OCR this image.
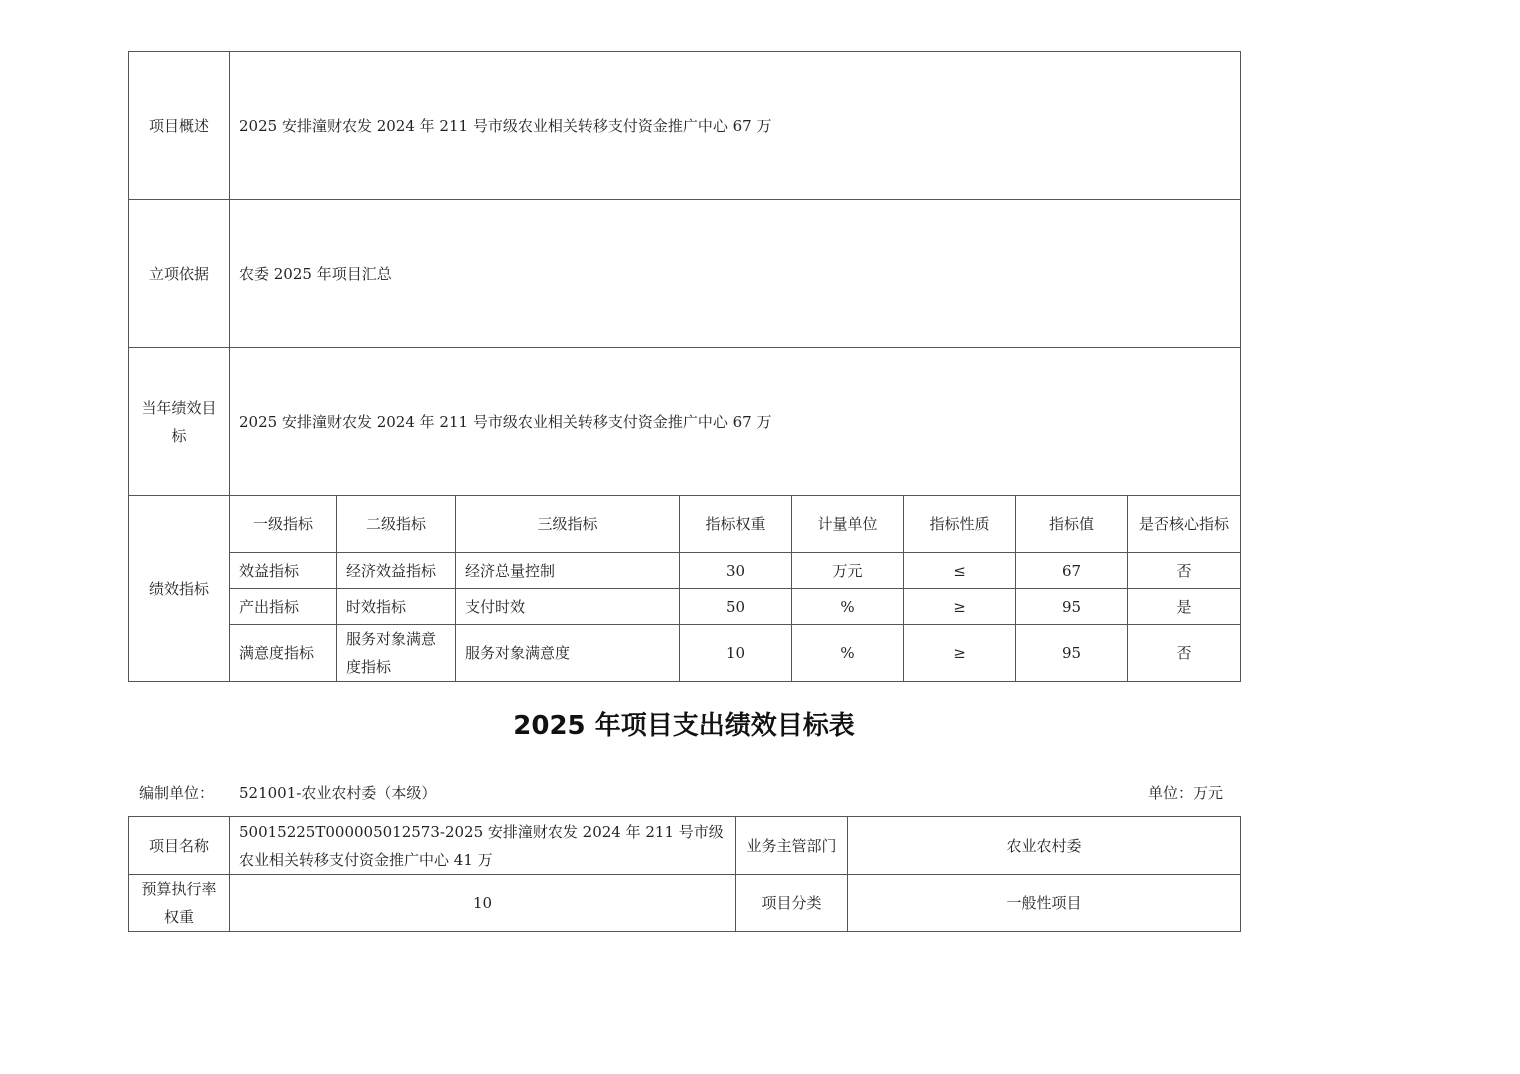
项目概述	2025 安排潼财农发 2024 年 211 号市级农业相关转移支付资金推广中心 67 万							
立项依据	农委 2025 年项目汇总							
当年绩效目标	2025 安排潼财农发 2024 年 211 号市级农业相关转移支付资金推广中心 67 万							
绩效指标	一级指标	二级指标	三级指标	指标权重	计量单位	指标性质	指标值	是否核心指标
	效益指标	经济效益指标	经济总量控制	30	万元	≤	67	否
	产出指标	时效指标	支付时效	50	%	≥	95	是
	满意度指标	服务对象满意度指标	服务对象满意度	10	%	≥	95	否
2025 年项目支出绩效目标表
编制单位： 521001-农业农村委（本级）	单位：万元
项目名称	50015225T000005012573-2025 安排潼财农发 2024 年 211 号市级农业相关转移支付资金推广中心 41 万	业务主管部门	农业农村委
预算执行率权重	10	项目分类	一般性项目
